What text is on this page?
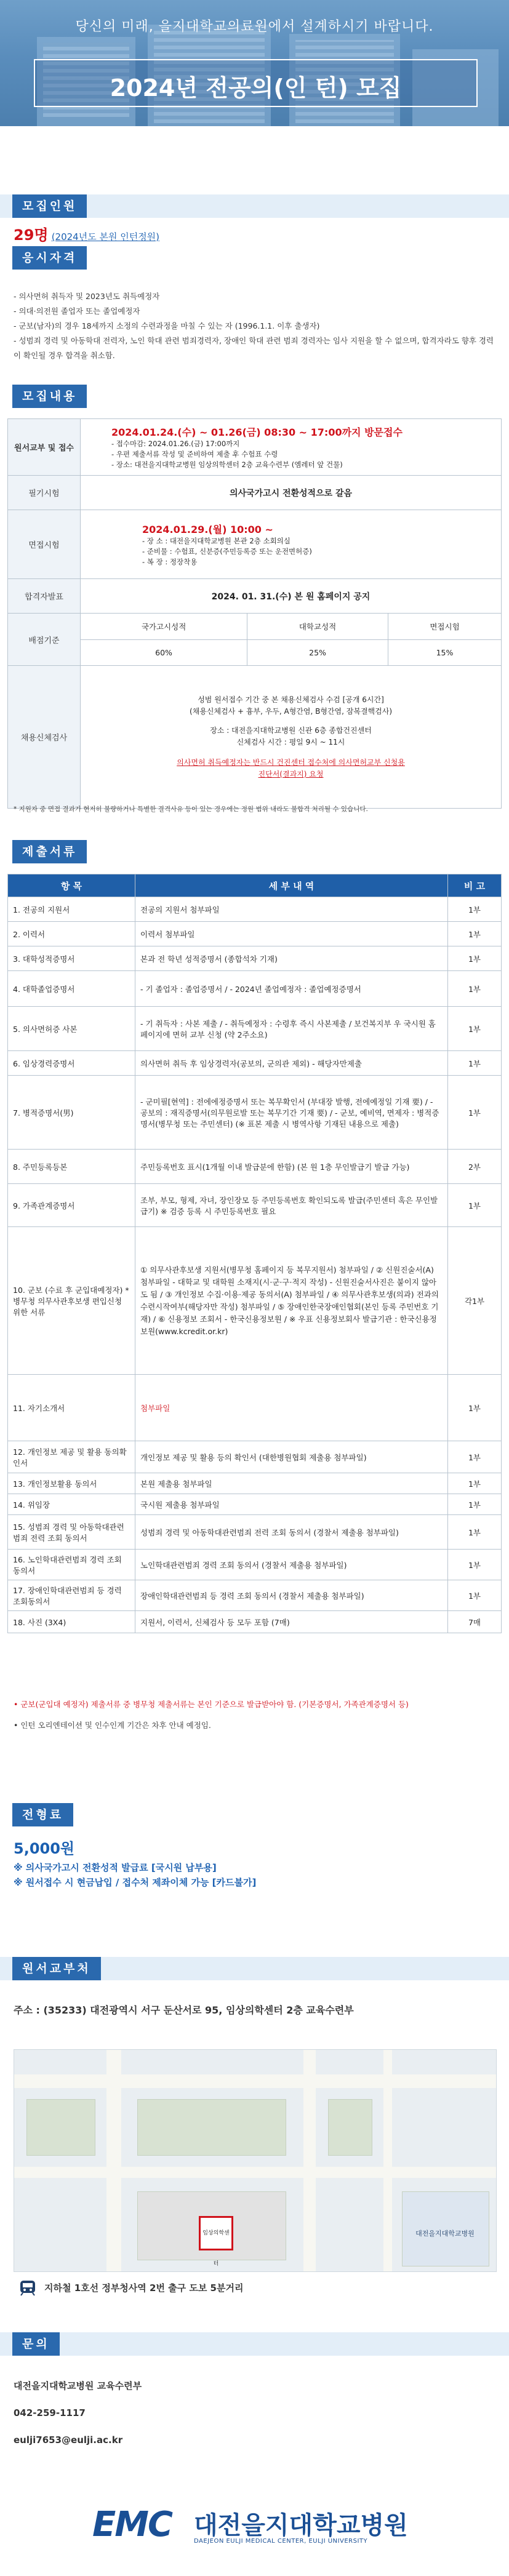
당신의 미래, 을지대학교의료원에서 설계하시기 바랍니다.
2024년 전공의(인 턴) 모집
모집인원
29명 (2024년도 본원 인턴정원)
응시자격
- 의사면허 취득자 및 2023년도 취득예정자
- 의대·의전원 졸업자 또는 졸업예정자
- 군보(남자)의 경우 18세까지 소정의 수련과정을 마칠 수 있는 자 (1996.1.1. 이후 출생자)
- 성범죄 경력 및 아동학대 전력자, 노인 학대 관련 범죄경력자, 장애인 학대 관련 범죄 경력자는 임사 지원을 할 수 없으며, 합격자라도 향후 경력이 확인될 경우 합격을 취소함.
모집내용
원서교부 및 접수	
2024.01.24.(수) ~ 01.26(금) 08:30 ~ 17:00까지 방문접수
- 접수마감: 2024.01.26.(금) 17:00까지
- 우편 제출서류 작성 및 준비하여 제출 후 수험표 수령
- 장소: 대전을지대학교병원 임상의학센터 2층 교육수련부 (엠레터 앞 건물)

필기시험	의사국가고시 전환성적으로 갈음
면접시험	
2024.01.29.(월) 10:00 ~
- 장 소 : 대전을지대학교병원 본관 2층 소회의실
- 준비물 : 수험표, 신분증(주민등록증 또는 운전면허증)
- 복 장 : 정장착용

합격자발표	2024. 01. 31.(수) 본 원 홈페이지 공지
배점기준	
국가고시성적	대학교성적	면접시험
60%	25%	15%

채용신체검사	
성범 원서접수 기간 중 본 채용신체검사 수검 [공개 6시간]
(채용신체검사 + 흉부, 우두, A형간염, B형간염, 잠복결핵검사)
장소 : 대전을지대학교병원 신관 6층 종합건진센터
신체검사 시간 : 평일 9시 ~ 11시
의사면허 취득예정자는 반드시 건진센터 접수처에 의사면허교부 신청용 진단서(결과지) 요청
* 지원자 중 면접 결과가 현저히 불량하거나 특별한 결격사유 등이 있는 경우에는 정원 범위 내라도 불합격 처리될 수 있습니다.
제출서류
항 목	세 부 내 역	비 고
1. 전공의 지원서	전공의 지원서 첨부파일	1부
2. 이력서	이력서 첨부파일	1부
3. 대학성적증명서	본과 전 학년 성적증명서 (종합석차 기재)	1부
4. 대학졸업증명서	- 기 졸업자 : 졸업증명서 / - 2024년 졸업예정자 : 졸업예정증명서	1부
5. 의사면허증 사본	- 기 취득자 : 사본 제출 / - 취득예정자 : 수령후 즉시 사본제출 / 보건복지부 우 국시원 홈페이지에 면허 교부 신청 (약 2주소요)	1부
6. 임상경력증명서	의사면허 취득 후 임상경력자(공보의, 군의관 제외) - 해당자만제출	1부
7. 병적증명서(男)	- 군미필[현역] : 전에에정증명서 또는 복무확인서 (부대장 발행, 전에예정일 기재 要) / - 공보의 : 재직증명서(의무원로발 또는 복무기간 기재 要) / - 군보, 예비역, 면제자 : 병적증명서(병무청 또는 주민센터) (※ 표본 제출 시 병역사항 기재된 내용으로 제출)	1부
8. 주민등록등본	주민등록번호 표시(1개월 이내 발급분에 한함) (본 원 1층 무인발급기 발급 가능)	2부
9. 가족관계증명서	조부, 부모, 형제, 자녀, 장인장모 등 주민등록번호 확인되도록 발급(주민센터 혹은 무인발급기) ※ 검증 등록 시 주민등록번호 필요	1부
10. 군보 (수료 후 군입대예정자) * 병무청 의무사관후보생 편입신청 위한 서류	① 의무사관후보생 지원서(병무청 홈페이지 등 복무지원서) 첨부파일 / ② 신원진술서(A) 첨부파일 - 대학교 및 대학원 소재지(시·군·구·적지 작성) - 신원진술서사진은 붙이지 않아도 됨 / ③ 개인정보 수집·이용·제공 동의서(A) 첨부파일 / ④ 의무사관후보생(의과) 전과의 수련시작여부(해당자만 작성) 첨부파일 / ⑤ 장애인한국장애인협회(본인 등록 주민번호 기재) / ⑥ 신용정보 조회서 - 한국신용정보원 / ※ 우표 신용정보회사 발급기관 : 한국신용정보원(www.kcredit.or.kr)	각1부
11. 자기소개서	첨부파일	1부
12. 개인정보 제공 및 활용 동의확인서	개인정보 제공 및 활용 등의 확인서 (대한병원협회 제출용 첨부파일)	1부
13. 개인정보활용 동의서	본원 제출용 첨부파일	1부
14. 위임장	국시원 제출용 첨부파일	1부
15. 성범죄 경력 및 아동학대관련범죄 전력 조회 동의서	성범죄 경력 및 아동학대관련범죄 전력 조회 동의서 (경찰서 제출용 첨부파일)	1부
16. 노인학대관련범죄 경력 조회 동의서	노인학대관련범죄 경력 조회 동의서 (경찰서 제출용 첨부파일)	1부
17. 장애인학대관련범죄 등 경력 조회동의서	장애인학대관련범죄 등 경력 조회 동의서 (경찰서 제출용 첨부파일)	1부
18. 사진 (3X4)	지원서, 이력서, 신체검사 등 모두 포함 (7매)	7매
• 군보(군입대 예정자) 제출서류 중 병무청 제출서류는 본인 기준으로 발급받아야 함. (기본증명서, 가족관계증명서 등)
• 인턴 오리엔테이션 및 인수인계 기간은 차후 안내 예정임.
전형료
5,000원
※ 의사국가고시 전환성적 발급료 [국시원 납부용]
※ 원서접수 시 현금납입 / 접수처 제좌이체 가능 [카드불가]
원서교부처
주소 : (35233) 대전광역시 서구 둔산서로 95, 임상의학센터 2층 교육수련부
임상의학센터
대전을지대학교병원
지하철 1호선 정부청사역 2번 출구 도보 5분거리
문의
대전을지대학교병원 교육수련부
042-259-1117
eulji7653@eulji.ac.kr
EMC 대전을지대학교병원
DAEJEON EULJI MEDICAL CENTER, EULJI UNIVERSITY
